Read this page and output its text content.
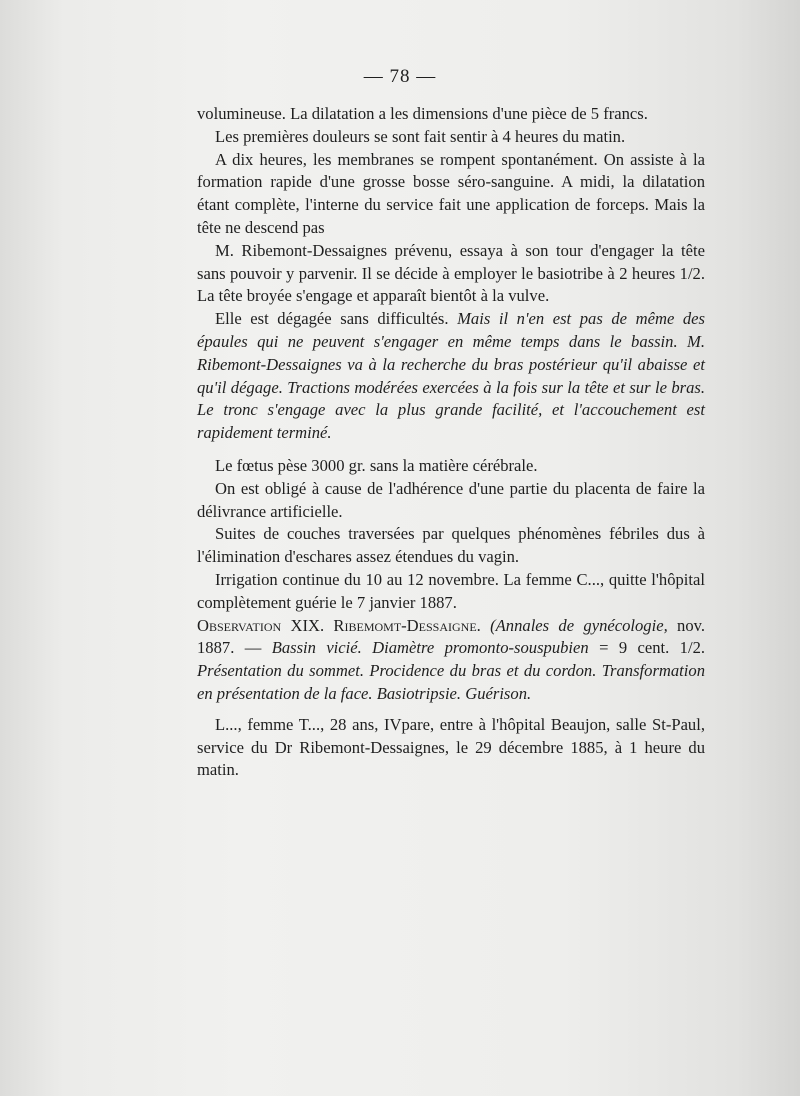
— 78 —

volumineuse. La dilatation a les dimensions d'une pièce de 5 francs.

Les premières douleurs se sont fait sentir à 4 heures du matin.

A dix heures, les membranes se rompent spontanément. On assiste à la formation rapide d'une grosse bosse séro-sanguine. A midi, la dilatation étant complète, l'interne du service fait une application de forceps. Mais la tête ne descend pas

M. Ribemont-Dessaignes prévenu, essaya à son tour d'engager la tête sans pouvoir y parvenir. Il se décide à employer le basiotribe à 2 heures 1/2. La tête broyée s'engage et apparaît bientôt à la vulve.

Elle est dégagée sans difficultés. Mais il n'en est pas de même des épaules qui ne peuvent s'engager en même temps dans le bassin. M. Ribemont-Dessaignes va à la recherche du bras postérieur qu'il abaisse et qu'il dégage. Tractions modérées exercées à la fois sur la tête et sur le bras. Le tronc s'engage avec la plus grande facilité, et l'accouchement est rapidement terminé.

Le fœtus pèse 3000 gr. sans la matière cérébrale.

On est obligé à cause de l'adhérence d'une partie du placenta de faire la délivrance artificielle.

Suites de couches traversées par quelques phénomènes fébriles dus à l'élimination d'eschares assez étendues du vagin.

Irrigation continue du 10 au 12 novembre. La femme C..., quitte l'hôpital complètement guérie le 7 janvier 1887.

Observation XIX. Ribemomt-Dessaigne. (Annales de gynécologie, nov. 1887. — Bassin vicié. Diamètre promonto-souspubien = 9 cent. 1/2. Présentation du sommet. Procidence du bras et du cordon. Transformation en présentation de la face. Basiotripsie. Guérison.

L..., femme T..., 28 ans, IVpare, entre à l'hôpital Beaujon, salle St-Paul, service du Dr Ribemont-Dessaignes, le 29 décembre 1885, à 1 heure du matin.
